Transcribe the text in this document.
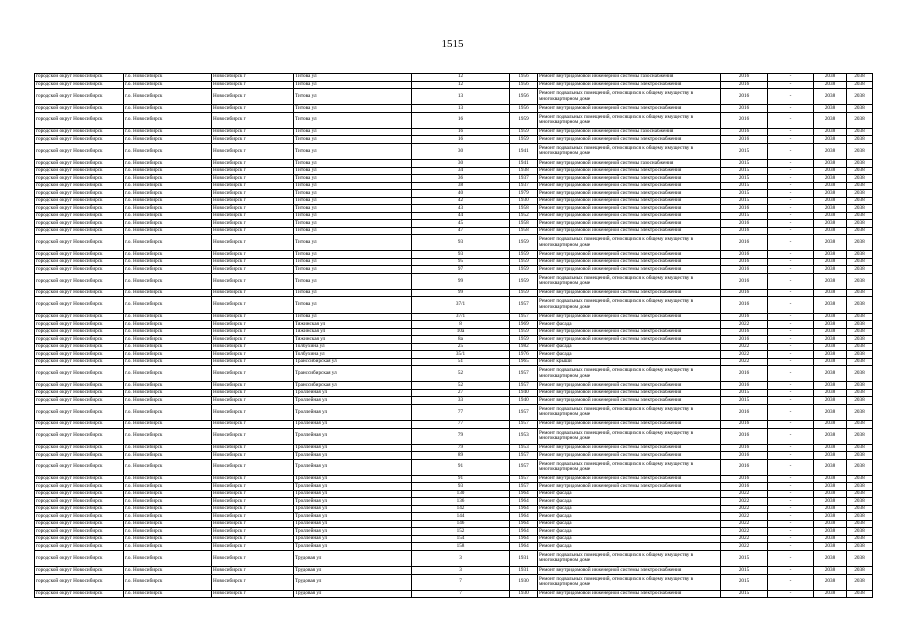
1515
городской округ Новосибирск	г.о. Новосибирск	Новосибирск г	Титова ул	12	1956	Ремонт внутридомовой инженерной системы газоснабжения	2016	-	2038	2038
городской округ Новосибирск	г.о. Новосибирск	Новосибирск г	Титова ул	12	1956	Ремонт внутридомовой инженерной системы электроснабжения	2016	-	2038	2038
городской округ Новосибирск	г.о. Новосибирск	Новосибирск г	Титова ул	13	1956	Ремонт подвальных помещений, относящихся к общему имуществу в многоквартирном доме	2016	-	2038	2038
городской округ Новосибирск	г.о. Новосибирск	Новосибирск г	Титова ул	13	1956	Ремонт внутридомовой инженерной системы электроснабжения	2016	-	2038	2038
городской округ Новосибирск	г.о. Новосибирск	Новосибирск г	Титова ул	16	1959	Ремонт подвальных помещений, относящихся к общему имуществу в многоквартирном доме	2016	-	2038	2038
городской округ Новосибирск	г.о. Новосибирск	Новосибирск г	Титова ул	16	1959	Ремонт внутридомовой инженерной системы газоснабжения	2016	-	2038	2038
городской округ Новосибирск	г.о. Новосибирск	Новосибирск г	Титова ул	16	1959	Ремонт внутридомовой инженерной системы электроснабжения	2016	-	2038	2038
городской округ Новосибирск	г.о. Новосибирск	Новосибирск г	Титова ул	30	1941	Ремонт подвальных помещений, относящихся к общему имуществу в многоквартирном доме	2015	-	2038	2038
городской округ Новосибирск	г.о. Новосибирск	Новосибирск г	Титова ул	30	1941	Ремонт внутридомовой инженерной системы газоснабжения	2015	-	2038	2038
городской округ Новосибирск	г.о. Новосибирск	Новосибирск г	Титова ул	34	1938	Ремонт внутридомовой инженерной системы электроснабжения	2015	-	2038	2038
городской округ Новосибирск	г.о. Новосибирск	Новосибирск г	Титова ул	36	1937	Ремонт внутридомовой инженерной системы электроснабжения	2015	-	2038	2038
городской округ Новосибирск	г.о. Новосибирск	Новосибирск г	Титова ул	38	1937	Ремонт внутридомовой инженерной системы электроснабжения	2015	-	2038	2038
городской округ Новосибирск	г.о. Новосибирск	Новосибирск г	Титова ул	40	1979	Ремонт внутридомовой инженерной системы электроснабжения	2015	-	2038	2038
городской округ Новосибирск	г.о. Новосибирск	Новосибирск г	Титова ул	42	1930	Ремонт внутридомовой инженерной системы электроснабжения	2015	-	2038	2038
городской округ Новосибирск	г.о. Новосибирск	Новосибирск г	Титова ул	43	1958	Ремонт внутридомовой инженерной системы электроснабжения	2016	-	2038	2038
городской округ Новосибирск	г.о. Новосибирск	Новосибирск г	Титова ул	44	1952	Ремонт внутридомовой инженерной системы электроснабжения	2015	-	2038	2038
городской округ Новосибирск	г.о. Новосибирск	Новосибирск г	Титова ул	45	1958	Ремонт внутридомовой инженерной системы электроснабжения	2016	-	2038	2038
городской округ Новосибирск	г.о. Новосибирск	Новосибирск г	Титова ул	47	1958	Ремонт внутридомовой инженерной системы электроснабжения	2016	-	2038	2038
городской округ Новосибирск	г.о. Новосибирск	Новосибирск г	Титова ул	93	1959	Ремонт подвальных помещений, относящихся к общему имуществу в многоквартирном доме	2016	-	2038	2038
городской округ Новосибирск	г.о. Новосибирск	Новосибирск г	Титова ул	93	1959	Ремонт внутридомовой инженерной системы электроснабжения	2016	-	2038	2038
городской округ Новосибирск	г.о. Новосибирск	Новосибирск г	Титова ул	95	1959	Ремонт внутридомовой инженерной системы электроснабжения	2016	-	2038	2038
городской округ Новосибирск	г.о. Новосибирск	Новосибирск г	Титова ул	97	1959	Ремонт внутридомовой инженерной системы электроснабжения	2016	-	2038	2038
городской округ Новосибирск	г.о. Новосибирск	Новосибирск г	Титова ул	99	1959	Ремонт подвальных помещений, относящихся к общему имуществу в многоквартирном доме	2016	-	2038	2038
городской округ Новосибирск	г.о. Новосибирск	Новосибирск г	Титова ул	99	1959	Ремонт внутридомовой инженерной системы электроснабжения	2016	-	2038	2038
городской округ Новосибирск	г.о. Новосибирск	Новосибирск г	Титова ул	37/1	1957	Ремонт подвальных помещений, относящихся к общему имуществу в многоквартирном доме	2016	-	2038	2038
городской округ Новосибирск	г.о. Новосибирск	Новосибирск г	Титова ул	37/1	1957	Ремонт внутридомовой инженерной системы электроснабжения	2016	-	2038	2038
городской округ Новосибирск	г.о. Новосибирск	Новосибирск г	Тяжинская ул	8	1969	Ремонт фасада	2022	-	2038	2038
городской округ Новосибирск	г.о. Новосибирск	Новосибирск г	Тяжинская ул	10а	1959	Ремонт внутридомовой инженерной системы электроснабжения	2016	-	2038	2038
городской округ Новосибирск	г.о. Новосибирск	Новосибирск г	Тяжинская ул	8а	1959	Ремонт внутридомовой инженерной системы электроснабжения	2016	-	2038	2038
городской округ Новосибирск	г.о. Новосибирск	Новосибирск г	Толбухина ул	25	1982	Ремонт фасада	2022	-	2038	2038
городской округ Новосибирск	г.о. Новосибирск	Новосибирск г	Толбухина ул	35/1	1976	Ремонт фасада	2022	-	2038	2038
городской округ Новосибирск	г.о. Новосибирск	Новосибирск г	Транссибирская ул	51	1965	Ремонт крыши	2022	-	2038	2038
городской округ Новосибирск	г.о. Новосибирск	Новосибирск г	Транссибирская ул	52	1957	Ремонт подвальных помещений, относящихся к общему имуществу в многоквартирном доме	2016	-	2038	2038
городской округ Новосибирск	г.о. Новосибирск	Новосибирск г	Транссибирская ул	52	1957	Ремонт внутридомовой инженерной системы электроснабжения	2016	-	2038	2038
городской округ Новосибирск	г.о. Новосибирск	Новосибирск г	Троллейная ул	27	1940	Ремонт внутридомовой инженерной системы электроснабжения	2015	-	2038	2038
городской округ Новосибирск	г.о. Новосибирск	Новосибирск г	Троллейная ул	33	1940	Ремонт внутридомовой инженерной системы электроснабжения	2015	-	2038	2038
городской округ Новосибирск	г.о. Новосибирск	Новосибирск г	Троллейная ул	77	1957	Ремонт подвальных помещений, относящихся к общему имуществу в многоквартирном доме	2016	-	2038	2038
городской округ Новосибирск	г.о. Новосибирск	Новосибирск г	Троллейная ул	77	1957	Ремонт внутридомовой инженерной системы электроснабжения	2016	-	2038	2038
городской округ Новосибирск	г.о. Новосибирск	Новосибирск г	Троллейная ул	79	1953	Ремонт подвальных помещений, относящихся к общему имуществу в многоквартирном доме	2016	-	2038	2038
городской округ Новосибирск	г.о. Новосибирск	Новосибирск г	Троллейная ул	79	1953	Ремонт внутридомовой инженерной системы электроснабжения	2016	-	2038	2038
городской округ Новосибирск	г.о. Новосибирск	Новосибирск г	Троллейная ул	89	1957	Ремонт внутридомовой инженерной системы электроснабжения	2016	-	2038	2038
городской округ Новосибирск	г.о. Новосибирск	Новосибирск г	Троллейная ул	91	1957	Ремонт подвальных помещений, относящихся к общему имуществу в многоквартирном доме	2016	-	2038	2038
городской округ Новосибирск	г.о. Новосибирск	Новосибирск г	Троллейная ул	91	1957	Ремонт внутридомовой инженерной системы электроснабжения	2016	-	2038	2038
городской округ Новосибирск	г.о. Новосибирск	Новосибирск г	Троллейная ул	93	1957	Ремонт внутридомовой инженерной системы электроснабжения	2016	-	2038	2038
городской округ Новосибирск	г.о. Новосибирск	Новосибирск г	Троллейная ул	130	1964	Ремонт фасада	2022	-	2038	2038
городской округ Новосибирск	г.о. Новосибирск	Новосибирск г	Троллейная ул	136	1964	Ремонт фасада	2022	-	2038	2038
городской округ Новосибирск	г.о. Новосибирск	Новосибирск г	Троллейная ул	142	1964	Ремонт фасада	2022	-	2038	2038
городской округ Новосибирск	г.о. Новосибирск	Новосибирск г	Троллейная ул	144	1964	Ремонт фасада	2022	-	2038	2038
городской округ Новосибирск	г.о. Новосибирск	Новосибирск г	Троллейная ул	146	1964	Ремонт фасада	2022	-	2038	2038
городской округ Новосибирск	г.о. Новосибирск	Новосибирск г	Троллейная ул	152	1964	Ремонт фасада	2022	-	2038	2038
городской округ Новосибирск	г.о. Новосибирск	Новосибирск г	Троллейная ул	154	1964	Ремонт фасада	2022	-	2038	2038
городской округ Новосибирск	г.о. Новосибирск	Новосибирск г	Троллейная ул	158	1964	Ремонт фасада	2022	-	2038	2038
городской округ Новосибирск	г.о. Новосибирск	Новосибирск г	Трудовая ул	3	1931	Ремонт подвальных помещений, относящихся к общему имуществу в многоквартирном доме	2015	-	2038	2038
городской округ Новосибирск	г.о. Новосибирск	Новосибирск г	Трудовая ул	3	1931	Ремонт внутридомовой инженерной системы электроснабжения	2015	-	2038	2038
городской округ Новосибирск	г.о. Новосибирск	Новосибирск г	Трудовая ул	7	1930	Ремонт подвальных помещений, относящихся к общему имуществу в многоквартирном доме	2015	-	2038	2038
городской округ Новосибирск	г.о. Новосибирск	Новосибирск г	Трудовая ул	7	1930	Ремонт внутридомовой инженерной системы электроснабжения	2015	-	2038	2038
